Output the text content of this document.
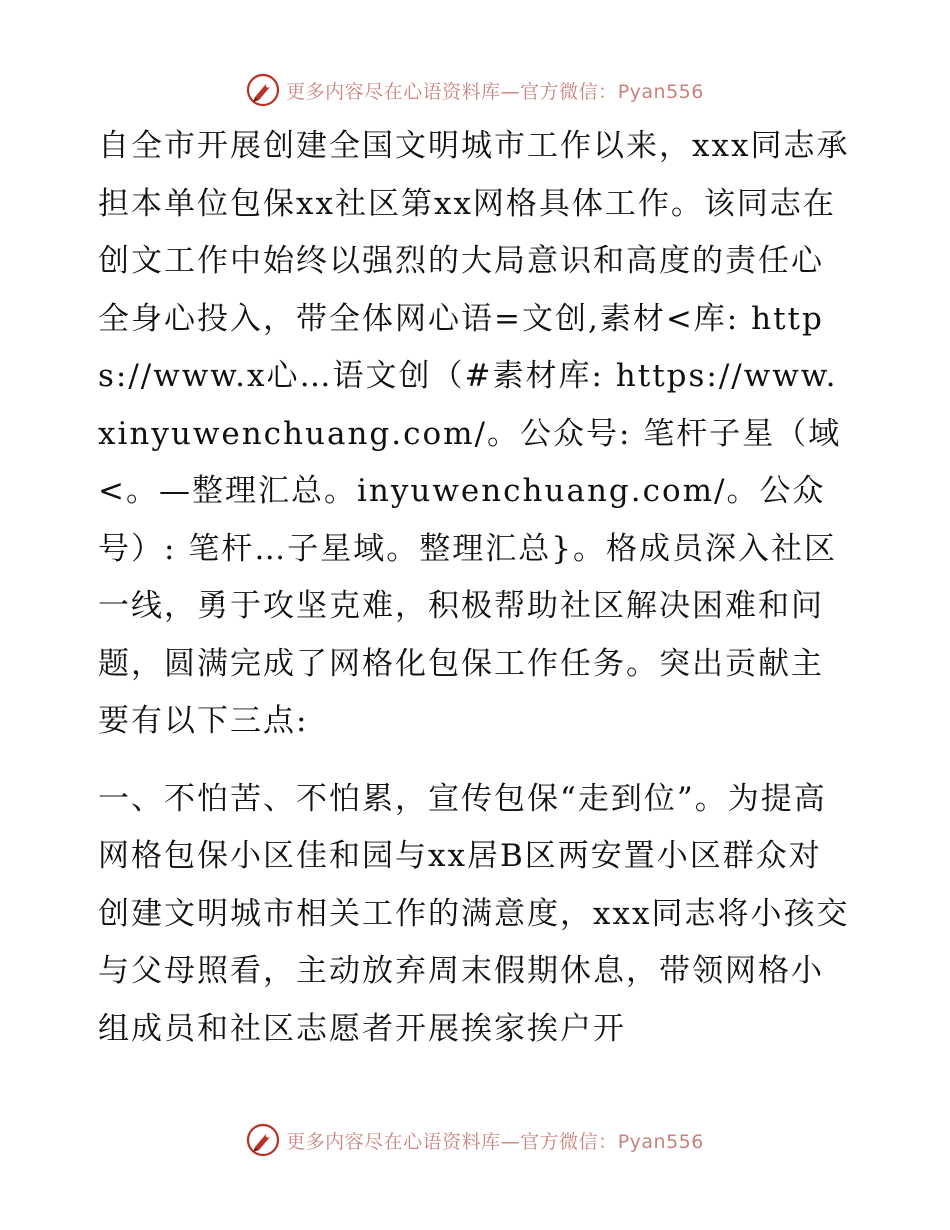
更多内容尽在心语资料库—官方微信：Pyan556

自全市开展创建全国文明城市工作以来，xxx同志承担本单位包保xx社区第xx网格具体工作。该同志在创文工作中始终以强烈的大局意识和高度的责任心全身心投入，带全体网心语=文创,素材<库: https://www.x心…语文创（#素材库: https://www.xinyuwenchuang.com/。公众号: 笔杆子星（域<。—整理汇总。inyuwenchuang.com/。公众号）: 笔杆…子星域。整理汇总}。格成员深入社区一线，勇于攻坚克难，积极帮助社区解决困难和问题，圆满完成了网格化包保工作任务。突出贡献主要有以下三点:

一、不怕苦、不怕累，宣传包保“走到位”。为提高网格包保小区佳和园与xx居B区两安置小区群众对创建文明城市相关工作的满意度，xxx同志将小孩交与父母照看，主动放弃周末假期休息，带领网格小组成员和社区志愿者开展挨家挨户开

更多内容尽在心语资料库—官方微信：Pyan556
